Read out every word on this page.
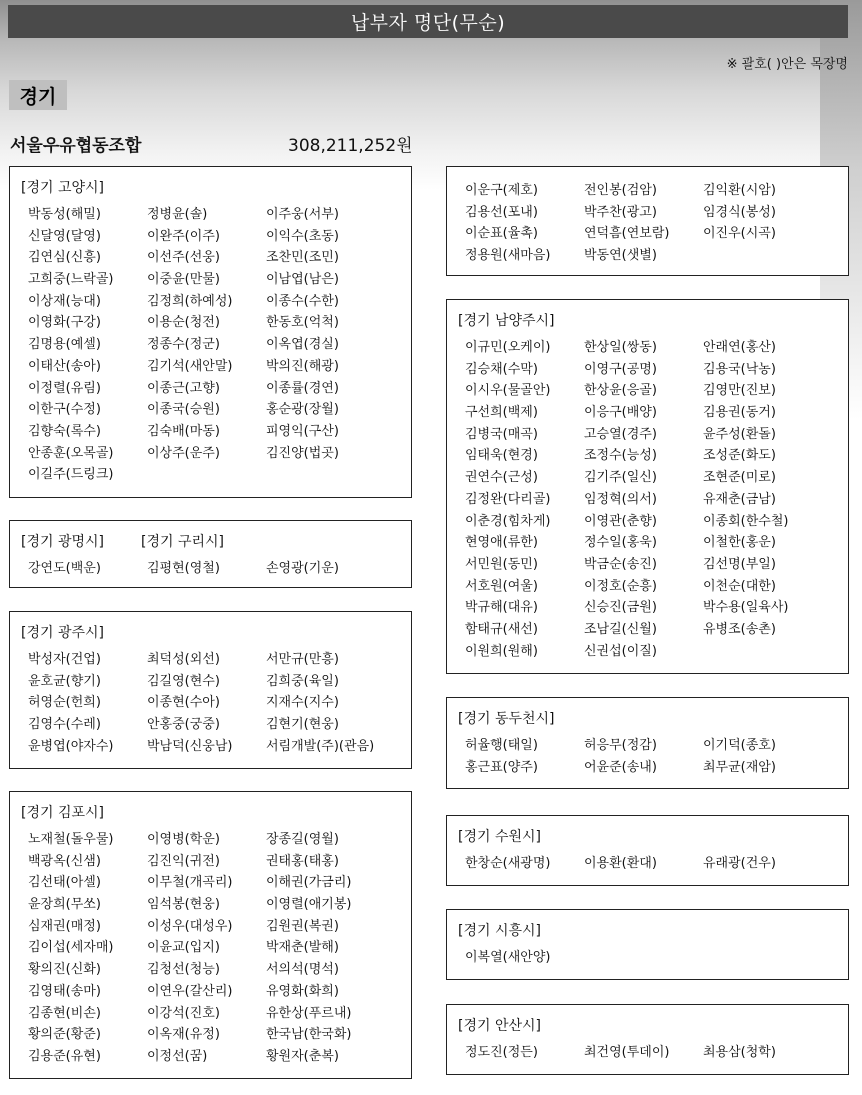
납부자 명단(무순)
※ 괄호( )안은 목장명
경기
서울우유협동조합	308,211,252원
[경기 고양시]
박동성(해밀)	정병윤(솔)	이주웅(서부)
신달영(달영)	이완주(이주)	이익수(초동)
김연심(신흥)	이선주(선웅)	조찬민(조민)
고희중(느락골)	이중윤(만물)	이남엽(남은)
이상재(능대)	김정희(하예성)	이종수(수한)
이영화(구강)	이용순(청전)	한동호(억척)
김명용(예셀)	정종수(정군)	이옥엽(경실)
이태산(송아)	김기석(새안말)	박의진(해광)
이정렬(유림)	이종근(고향)	이종률(경연)
이한구(수정)	이종국(승원)	홍순광(장월)
김향숙(록수)	김숙배(마동)	피영익(구산)
안종훈(오목골)	이상주(운주)	김진양(법곳)
이길주(드링크)
[경기 광명시]	[경기 구리시]
강연도(백운)	김평현(영철)	손영광(기운)
[경기 광주시]
박성자(건업)	최덕성(외선)	서만규(만흥)
윤호균(향기)	김길영(현수)	김희중(육일)
허영순(헌희)	이종현(수아)	지재수(지수)
김영수(수레)	안홍중(궁중)	김현기(현웅)
윤병엽(야자수)	박남덕(신웅남)	서림개발(주)(관음)
[경기 김포시]
노재철(돌우물)	이영병(학운)	장종길(영월)
백광옥(신샘)	김진익(귀전)	권태홍(태홍)
김선태(아셀)	이무철(개곡리)	이해권(가금리)
윤장희(무쏘)	임석봉(현웅)	이영렬(애기봉)
심재권(매정)	이성우(대성우)	김원권(복권)
김이섭(세자매)	이윤교(입지)	박재춘(발해)
황의진(신화)	김청선(청능)	서의석(명석)
김영태(송마)	이연우(갈산리)	유영화(화희)
김종현(비손)	이강석(진호)	유한상(푸르내)
황의준(황준)	이옥재(유정)	한국남(한국화)
김용준(유현)	이정선(꿈)	황원자(춘복)
이운구(제호)	전인봉(검암)	김익환(시암)
김용선(포내)	박주찬(광고)	임경식(봉성)
이순표(율촉)	연덕흠(연보람)	이진우(시곡)
정용원(새마음)	박동연(샛별)
[경기 남양주시]
이규민(오케이)	한상일(쌍동)	안래연(홍산)
김승채(수막)	이영구(공명)	김용국(낙농)
이시우(물골안)	한상윤(응골)	김영만(진보)
구선희(백제)	이응구(배양)	김용권(동거)
김병국(매곡)	고승열(경주)	윤주성(환돌)
임태욱(현경)	조정수(능성)	조성준(화도)
권연수(근성)	김기주(일신)	조현준(미로)
김정완(다리골)	임정혁(의서)	유재춘(금남)
이춘경(힘차게)	이영관(춘향)	이종회(한수철)
현영애(류한)	정수일(홍욱)	이철한(홍운)
서민원(동민)	박금순(송진)	김선명(부일)
서호원(여울)	이정호(순흥)	이천순(대한)
박규해(대유)	신승진(금원)	박수용(일육사)
함태규(새선)	조남길(신월)	유병조(송촌)
이원희(원해)	신권섭(이질)
[경기 동두천시]
허율행(태일)	허응무(정감)	이기덕(종호)
홍근표(양주)	어윤준(송내)	최무균(재암)
[경기 수원시]
한창순(새광명)	이용환(환대)	유래광(건우)
[경기 시흥시]
이복열(새안양)
[경기 안산시]
정도진(정든)	최건영(투데이)	최용삼(청학)
